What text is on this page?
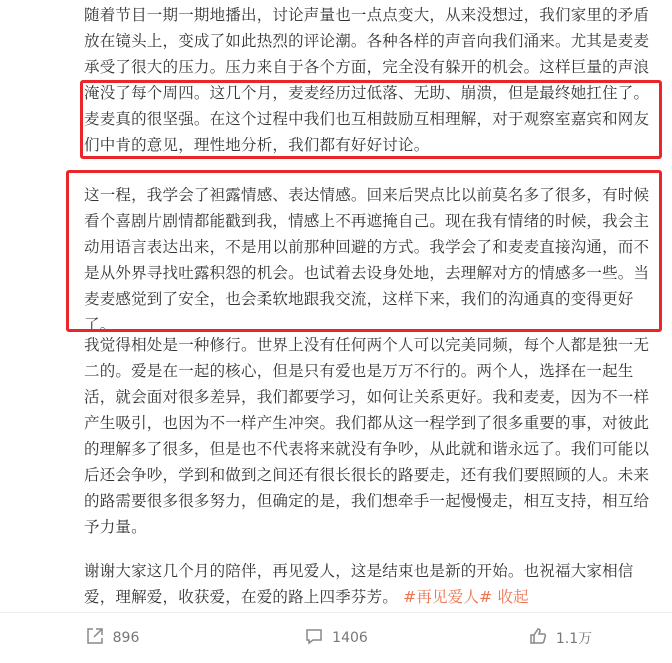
随着节目一期一期地播出，讨论声量也一点点变大，从来没想过，我们家里的矛盾
放在镜头上，变成了如此热烈的评论潮。各种各样的声音向我们涌来。尤其是麦麦
承受了很大的压力。压力来自于各个方面，完全没有躲开的机会。这样巨量的声浪
淹没了每个周四。这几个月，麦麦经历过低落、无助、崩溃，但是最终她扛住了。
麦麦真的很坚强。在这个过程中我们也互相鼓励互相理解，对于观察室嘉宾和网友
们中肯的意见，理性地分析，我们都有好好讨论。
这一程，我学会了袒露情感、表达情感。回来后哭点比以前莫名多了很多，有时候
看个喜剧片剧情都能戳到我，情感上不再遮掩自己。现在我有情绪的时候，我会主
动用语言表达出来，不是用以前那种回避的方式。我学会了和麦麦直接沟通，而不
是从外界寻找吐露积怨的机会。也试着去设身处地，去理解对方的情感多一些。当
麦麦感觉到了安全，也会柔软地跟我交流，这样下来，我们的沟通真的变得更好
了。
我觉得相处是一种修行。世界上没有任何两个人可以完美同频，每个人都是独一无
二的。爱是在一起的核心，但是只有爱也是万万不行的。两个人，选择在一起生
活，就会面对很多差异，我们都要学习，如何让关系更好。我和麦麦，因为不一样
产生吸引，也因为不一样产生冲突。我们都从这一程学到了很多重要的事，对彼此
的理解多了很多，但是也不代表将来就没有争吵，从此就和谐永远了。我们可能以
后还会争吵，学到和做到之间还有很长很长的路要走，还有我们要照顾的人。未来
的路需要很多很多努力，但确定的是，我们想牵手一起慢慢走，相互支持，相互给
予力量。
谢谢大家这几个月的陪伴，再见爱人，这是结束也是新的开始。也祝福大家相信
爱，理解爱，收获爱，在爱的路上四季芬芳。 #再见爱人# 收起
896	1406	1.1万
